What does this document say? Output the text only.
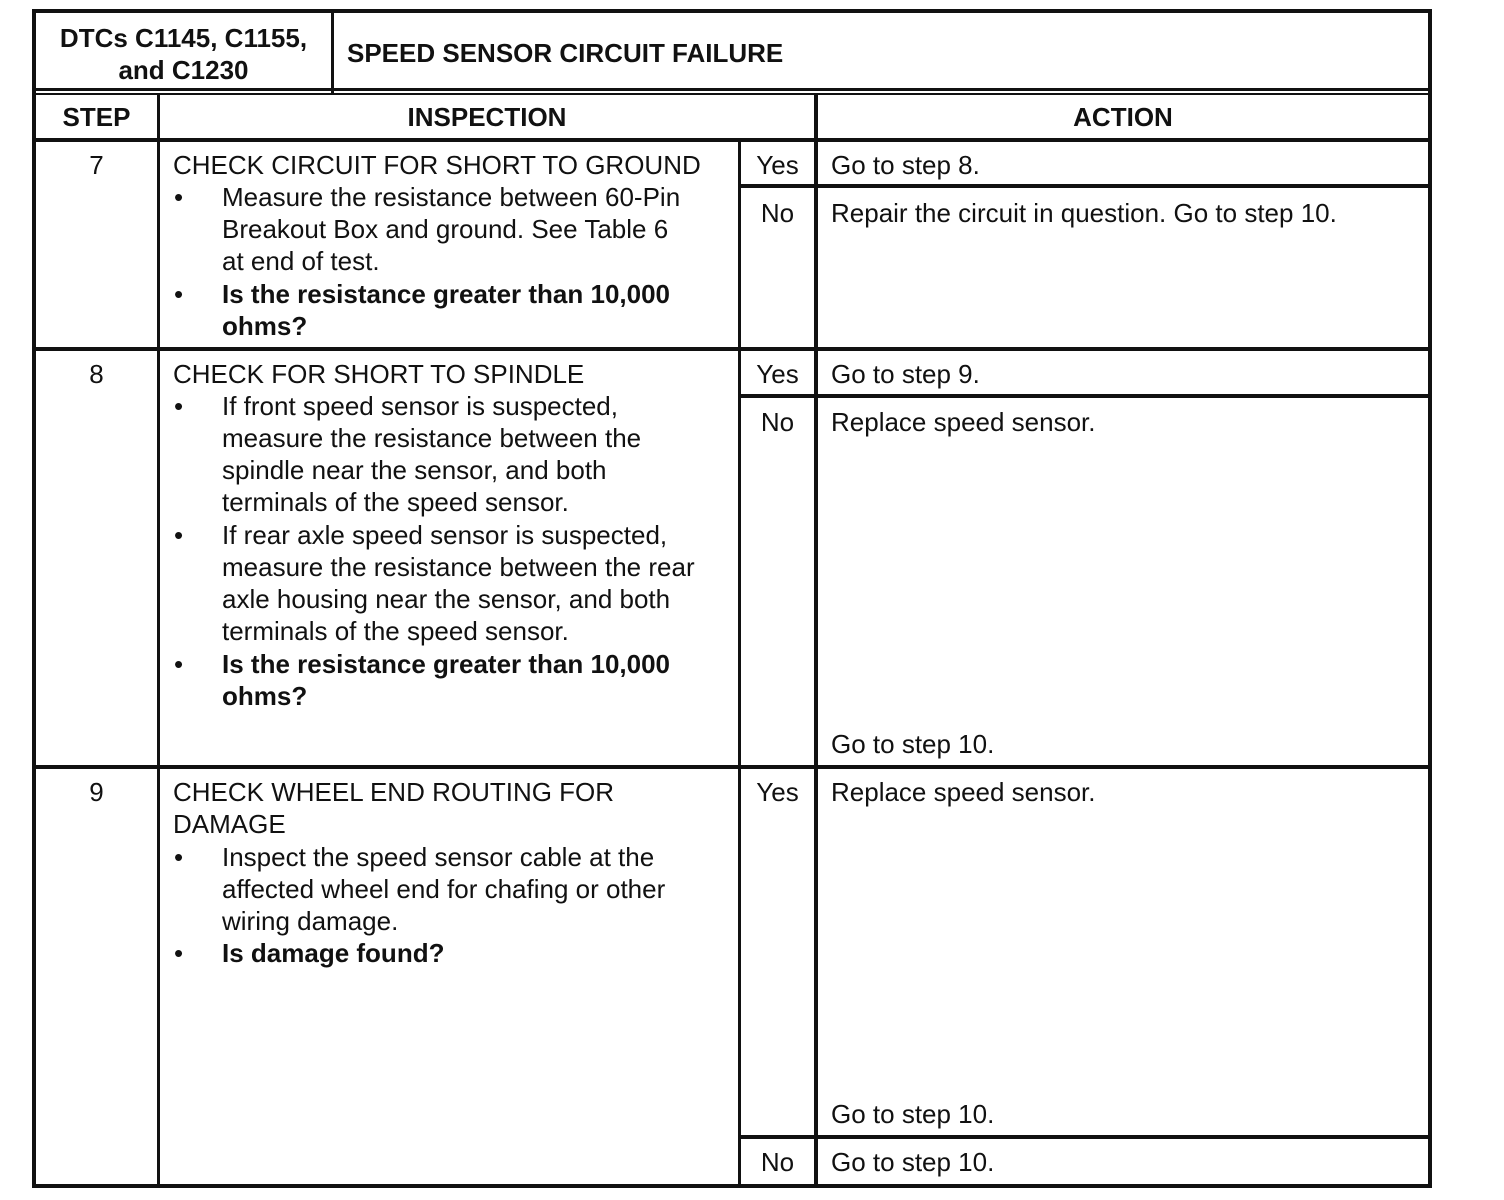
DTCs C1145, C1155,
and C1230
SPEED SENSOR CIRCUIT FAILURE
STEP	INSPECTION	ACTION
7	CHECK CIRCUIT FOR SHORT TO GROUND
• Measure the resistance between 60-Pin
Breakout Box and ground. See Table 6
at end of test.
• Is the resistance greater than 10,000
ohms?
Yes	Go to step 8.
No	Repair the circuit in question. Go to step 10.
8	CHECK FOR SHORT TO SPINDLE
• If front speed sensor is suspected,
measure the resistance between the
spindle near the sensor, and both
terminals of the speed sensor.
• If rear axle speed sensor is suspected,
measure the resistance between the rear
axle housing near the sensor, and both
terminals of the speed sensor.
• Is the resistance greater than 10,000
ohms?
Yes	Go to step 9.
No	Replace speed sensor.
Go to step 10.
9	CHECK WHEEL END ROUTING FOR
DAMAGE
• Inspect the speed sensor cable at the
affected wheel end for chafing or other
wiring damage.
• Is damage found?
Yes	Replace speed sensor.
Go to step 10.
No	Go to step 10.
